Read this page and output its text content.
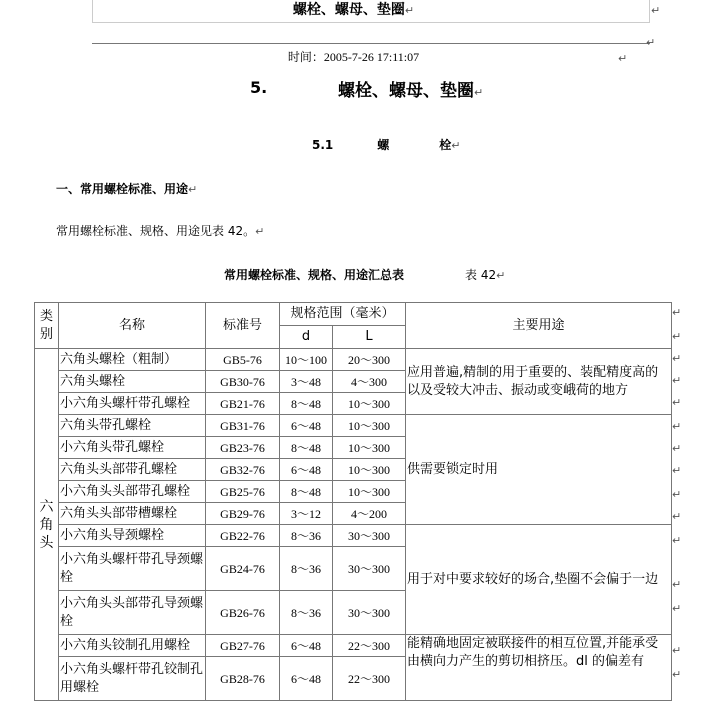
螺栓、螺母、垫圈↵	↵
↵
时间：2005-7-26 17:11:07	↵
5.	螺栓、螺母、垫圈↵
5.1	螺	栓↵
一、常用螺栓标准、用途↵
常用螺栓标准、规格、用途见表 42。↵
常用螺栓标准、规格、用途汇总表	表 42↵
类别	名称	标准号	规格范围（毫米）		主要用途
			d	L	
六角头	六角头螺栓（粗制）	GB5-76	10～100	20～300	应用普遍,精制的用于重要的、装配精度高的以及受较大冲击、振动或变峨荷的地方
	六角头螺栓	GB30-76	3～48	4～300	
	小六角头螺杆带孔螺栓	GB21-76	8～48	10～300	
	六角头带孔螺栓	GB31-76	6～48	10～300	供需要锁定时用
	小六角头带孔螺栓	GB23-76	8～48	10～300	
	六角头头部带孔螺栓	GB32-76	6～48	10～300	
	小六角头头部带孔螺栓	GB25-76	8～48	10～300	
	六角头头部带槽螺栓	GB29-76	3～12	4～200	
	小六角头导颈螺栓	GB22-76	8～36	30～300	用于对中要求较好的场合,垫圈不会偏于一边
	小六角头螺杆带孔导颈螺栓	GB24-76	8～36	30～300	
	小六角头头部带孔导颈螺栓	GB26-76	8～36	30～300	
	小六角头铰制孔用螺栓	GB27-76	6～48	22～300	能精确地固定被联接件的相互位置,并能承受由横向力产生的剪切相挤压。dl 的偏差有
	小六角头螺杆带孔铰制孔用螺栓	GB28-76	6～48	22～300	
↵
↵
↵
↵
↵
↵
↵
↵
↵
↵
↵
↵
↵
↵
↵
